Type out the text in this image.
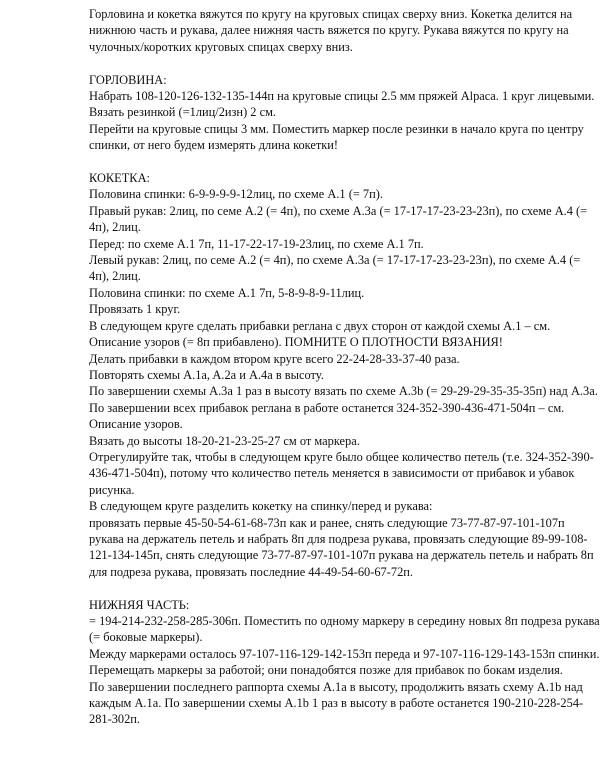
Горловина и кокетка вяжутся по кругу на круговых спицах сверху вниз. Кокетка делится на нижнюю часть и рукава, далее нижняя часть вяжется по кругу. Рукава вяжутся по кругу на чулочных/коротких круговых спицах сверху вниз.

ГОРЛОВИНА:

Набрать 108-120-126-132-135-144п на круговые спицы 2.5 мм пряжей Alpaca. 1 круг лицевыми. Вязать резинкой (=1лиц/2изн) 2 см.

Перейти на круговые спицы 3 мм. Поместить маркер после резинки в начало круга по центру спинки, от него будем измерять длина кокетки!

КОКЕТКА:

Половина спинки: 6-9-9-9-9-12лиц, по схеме A.1 (= 7п).

Правый рукав: 2лиц, по семе A.2 (= 4п), по схеме A.3a (= 17-17-17-23-23-23п), по схеме A.4 (= 4п), 2лиц.

Перед: по схеме A.1 7п, 11-17-22-17-19-23лиц, по схеме A.1 7п.

Левый рукав: 2лиц, по семе A.2 (= 4п), по схеме A.3a (= 17-17-17-23-23-23п), по схеме A.4 (= 4п), 2лиц.

Половина спинки: по схеме A.1 7п, 5-8-9-8-9-11лиц.

Провязать 1 круг.

В следующем круге сделать прибавки реглана с двух сторон от каждой схемы A.1 – см. Описание узоров (= 8п прибавлено). ПОМНИТЕ О ПЛОТНОСТИ ВЯЗАНИЯ!

Делать прибавки в каждом втором круге всего 22-24-28-33-37-40 раза.

Повторять схемы A.1a, A.2a и A.4a в высоту.

По завершении схемы A.3a 1 раз в высоту вязать по схеме A.3b (= 29-29-29-35-35-35п) над A.3a.

По завершении всех прибавок реглана в работе останется 324-352-390-436-471-504п – см. Описание узоров.

Вязать до высоты 18-20-21-23-25-27 см от маркера.

Отрегулируйте так, чтобы в следующем круге было общее количество петель (т.е. 324-352-390-436-471-504п), потому что количество петель меняется в зависимости от прибавок и убавок рисунка.

В следующем круге разделить кокетку на спинку/перед и рукава:

провязать первые 45-50-54-61-68-73п как и ранее, снять следующие 73-77-87-97-101-107п рукава на держатель петель и набрать 8п для подреза рукава, провязать следующие 89-99-108-121-134-145п, снять следующие 73-77-87-97-101-107п рукава на держатель петель и набрать 8п для подреза рукава, провязать последние 44-49-54-60-67-72п.

НИЖНЯЯ ЧАСТЬ:

= 194-214-232-258-285-306п. Поместить по одному маркеру в середину новых 8п подреза рукава (= боковые маркеры).

Между маркерами осталось 97-107-116-129-142-153п переда и 97-107-116-129-143-153п спинки.

Перемещать маркеры за работой; они понадобятся позже для прибавок по бокам изделия.

По завершении последнего раппорта схемы A.1a в высоту, продолжить вязать схему A.1b над каждым A.1a. По завершении схемы A.1b 1 раз в высоту в работе останется 190-210-228-254-281-302п.
